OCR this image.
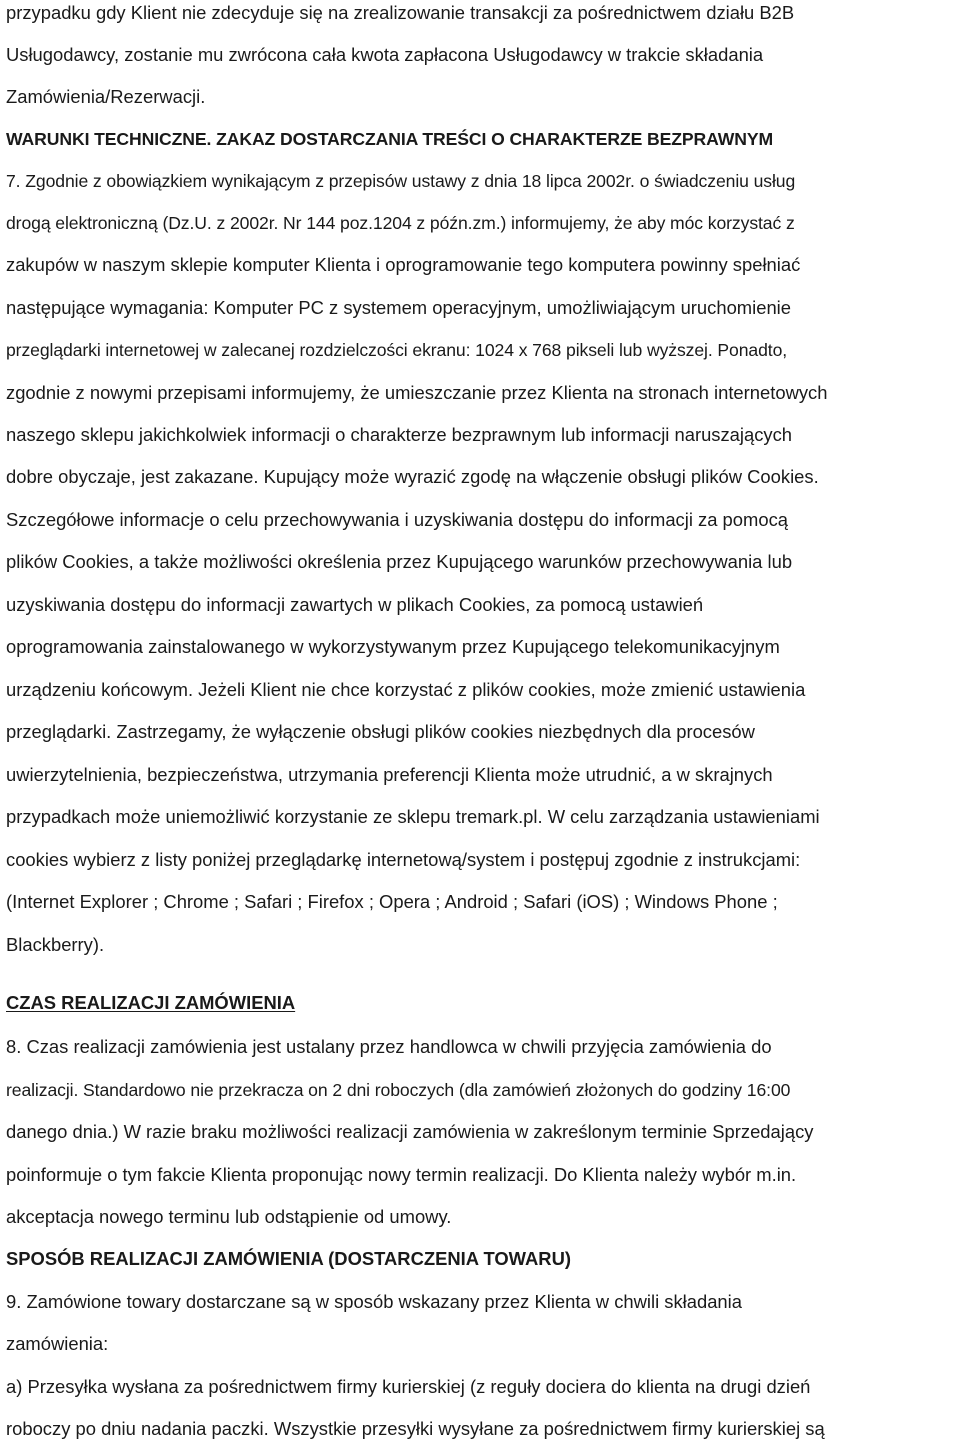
przypadku gdy Klient nie zdecyduje się na zrealizowanie transakcji za pośrednictwem działu B2B
Usługodawcy, zostanie mu zwrócona cała kwota zapłacona Usługodawcy w trakcie składania
Zamówienia/Rezerwacji.
WARUNKI TECHNICZNE. ZAKAZ DOSTARCZANIA TREŚCI O CHARAKTERZE BEZPRAWNYM
7. Zgodnie z obowiązkiem wynikającym z przepisów ustawy z dnia 18 lipca 2002r. o świadczeniu usług
drogą elektroniczną (Dz.U. z 2002r. Nr 144 poz.1204 z późn.zm.) informujemy, że aby móc korzystać z
zakupów w naszym sklepie komputer Klienta i oprogramowanie tego komputera powinny spełniać
następujące wymagania: Komputer PC z systemem operacyjnym, umożliwiającym uruchomienie
przeglądarki internetowej w zalecanej rozdzielczości ekranu: 1024 x 768 pikseli lub wyższej. Ponadto,
zgodnie z nowymi przepisami informujemy, że umieszczanie przez Klienta na stronach internetowych
naszego sklepu jakichkolwiek informacji o charakterze bezprawnym lub informacji naruszających
dobre obyczaje, jest zakazane. Kupujący może wyrazić zgodę na włączenie obsługi plików Cookies.
Szczegółowe informacje o celu przechowywania i uzyskiwania dostępu do informacji za pomocą
plików Cookies, a także możliwości określenia przez Kupującego warunków przechowywania lub
uzyskiwania dostępu do informacji zawartych w plikach Cookies, za pomocą ustawień
oprogramowania zainstalowanego w wykorzystywanym przez Kupującego telekomunikacyjnym
urządzeniu końcowym. Jeżeli Klient nie chce korzystać z plików cookies, może zmienić ustawienia
przeglądarki. Zastrzegamy, że wyłączenie obsługi plików cookies niezbędnych dla procesów
uwierzytelnienia, bezpieczeństwa, utrzymania preferencji Klienta może utrudnić, a w skrajnych
przypadkach może uniemożliwić korzystanie ze sklepu tremark.pl. W celu zarządzania ustawieniami
cookies wybierz z listy poniżej przeglądarkę internetową/system i postępuj zgodnie z instrukcjami:
(Internet Explorer ; Chrome ; Safari ; Firefox ; Opera ; Android ; Safari (iOS) ; Windows Phone ;
Blackberry).
CZAS REALIZACJI ZAMÓWIENIA
8. Czas realizacji zamówienia jest ustalany przez handlowca w chwili przyjęcia zamówienia do
realizacji. Standardowo nie przekracza on 2 dni roboczych (dla zamówień złożonych do godziny 16:00
danego dnia.) W razie braku możliwości realizacji zamówienia w zakreślonym terminie Sprzedający
poinformuje o tym fakcie Klienta proponując nowy termin realizacji. Do Klienta należy wybór m.in.
akceptacja nowego terminu lub odstąpienie od umowy.
SPOSÓB REALIZACJI ZAMÓWIENIA (DOSTARCZENIA TOWARU)
9. Zamówione towary dostarczane są w sposób wskazany przez Klienta w chwili składania
zamówienia:
a) Przesyłka wysłana za pośrednictwem firmy kurierskiej (z reguły dociera do klienta na drugi dzień
roboczy po dniu nadania paczki. Wszystkie przesyłki wysyłane za pośrednictwem firmy kurierskiej są
